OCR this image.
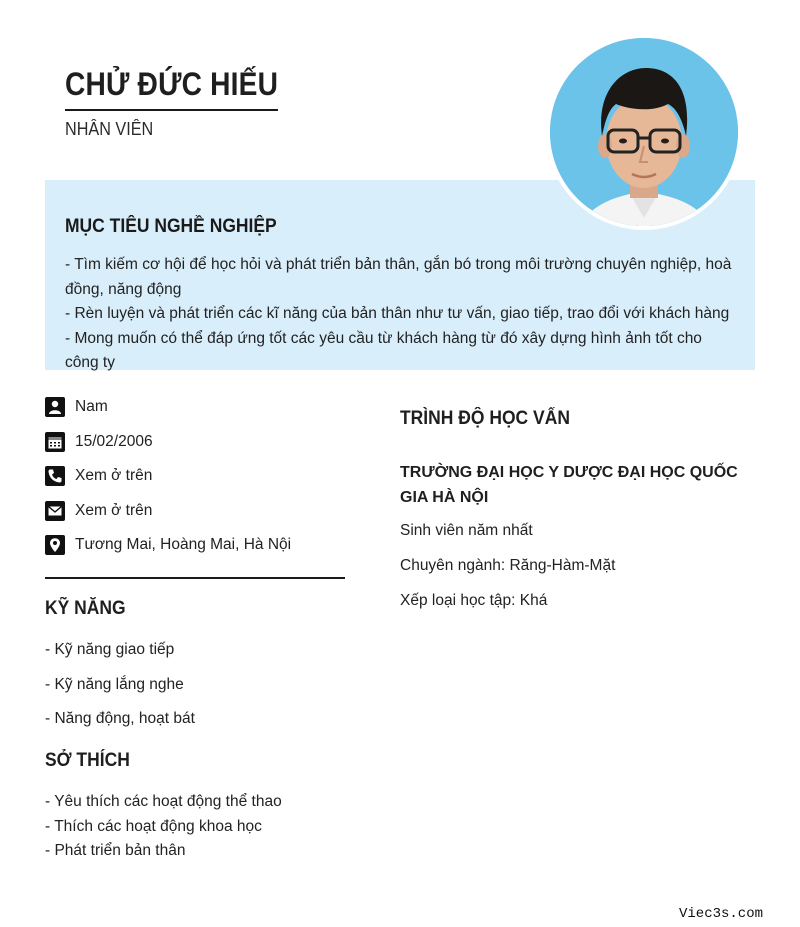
CHỬ ĐỨC HIẾU
NHÂN VIÊN
MỤC TIÊU NGHỀ NGHIỆP
- Tìm kiếm cơ hội để học hỏi và phát triển bản thân, gắn bó trong môi trường chuyên nghiệp, hoà đồng, năng động
- Rèn luyện và phát triển các kĩ năng của bản thân như tư vấn, giao tiếp, trao đổi với khách hàng
- Mong muốn có thể đáp ứng tốt các yêu cầu từ khách hàng từ đó xây dựng hình ảnh tốt cho công ty
Nam
15/02/2006
Xem ở trên
Xem ở trên
Tương Mai, Hoàng Mai, Hà Nội
KỸ NĂNG
- Kỹ năng giao tiếp
- Kỹ năng lắng nghe
- Năng động, hoạt bát
SỞ THÍCH
- Yêu thích các hoạt động thể thao
- Thích các hoạt động khoa học
- Phát triển bản thân
TRÌNH ĐỘ HỌC VẤN
TRƯỜNG ĐẠI HỌC Y DƯỢC ĐẠI HỌC QUỐC GIA HÀ NỘI
Sinh viên năm nhất
Chuyên ngành: Răng-Hàm-Mặt
Xếp loại học tập: Khá
Viec3s.com
